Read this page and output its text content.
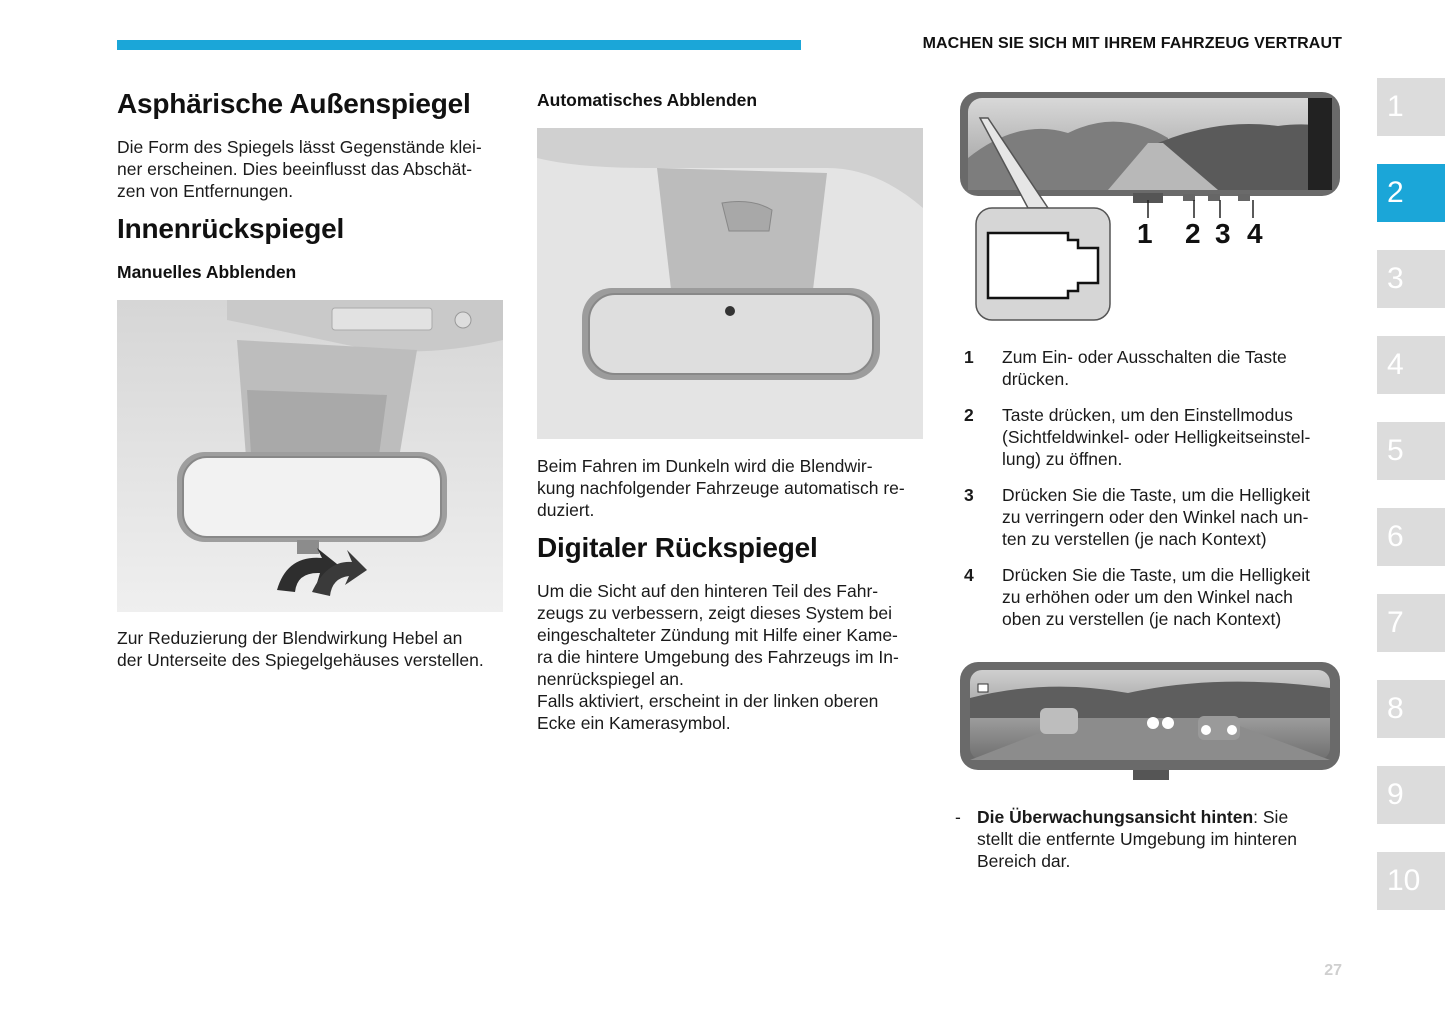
MACHEN SIE SICH MIT IHREM FAHRZEUG VERTRAUT
Asphärische Außenspiegel
Die Form des Spiegels lässt Gegenstände klei-
ner erscheinen. Dies beeinflusst das Abschät-
zen von Entfernungen.
Innenrückspiegel
Manuelles Abblenden
Zur Reduzierung der Blendwirkung Hebel an
der Unterseite des Spiegelgehäuses verstellen.
Automatisches Abblenden
Beim Fahren im Dunkeln wird die Blendwir-
kung nachfolgender Fahrzeuge automatisch re-
duziert.
Digitaler Rückspiegel
Um die Sicht auf den hinteren Teil des Fahr-
zeugs zu verbessern, zeigt dieses System bei
eingeschalteter Zündung mit Hilfe einer Kame-
ra die hintere Umgebung des Fahrzeugs im In-
nenrückspiegel an.
Falls aktiviert, erscheint in der linken oberen
Ecke ein Kamerasymbol.
1 2 3 4
1 Zum Ein- oder Ausschalten die Taste
drücken.
2 Taste drücken, um den Einstellmodus
(Sichtfeldwinkel- oder Helligkeitseinstel-
lung) zu öffnen.
3 Drücken Sie die Taste, um die Helligkeit
zu verringern oder den Winkel nach un-
ten zu verstellen (je nach Kontext)
4 Drücken Sie die Taste, um die Helligkeit
zu erhöhen oder um den Winkel nach
oben zu verstellen (je nach Kontext)
- Die Überwachungsansicht hinten: Sie
stellt die entfernte Umgebung im hinteren
Bereich dar.
1
2
3
4
5
6
7
8
9
10
27
